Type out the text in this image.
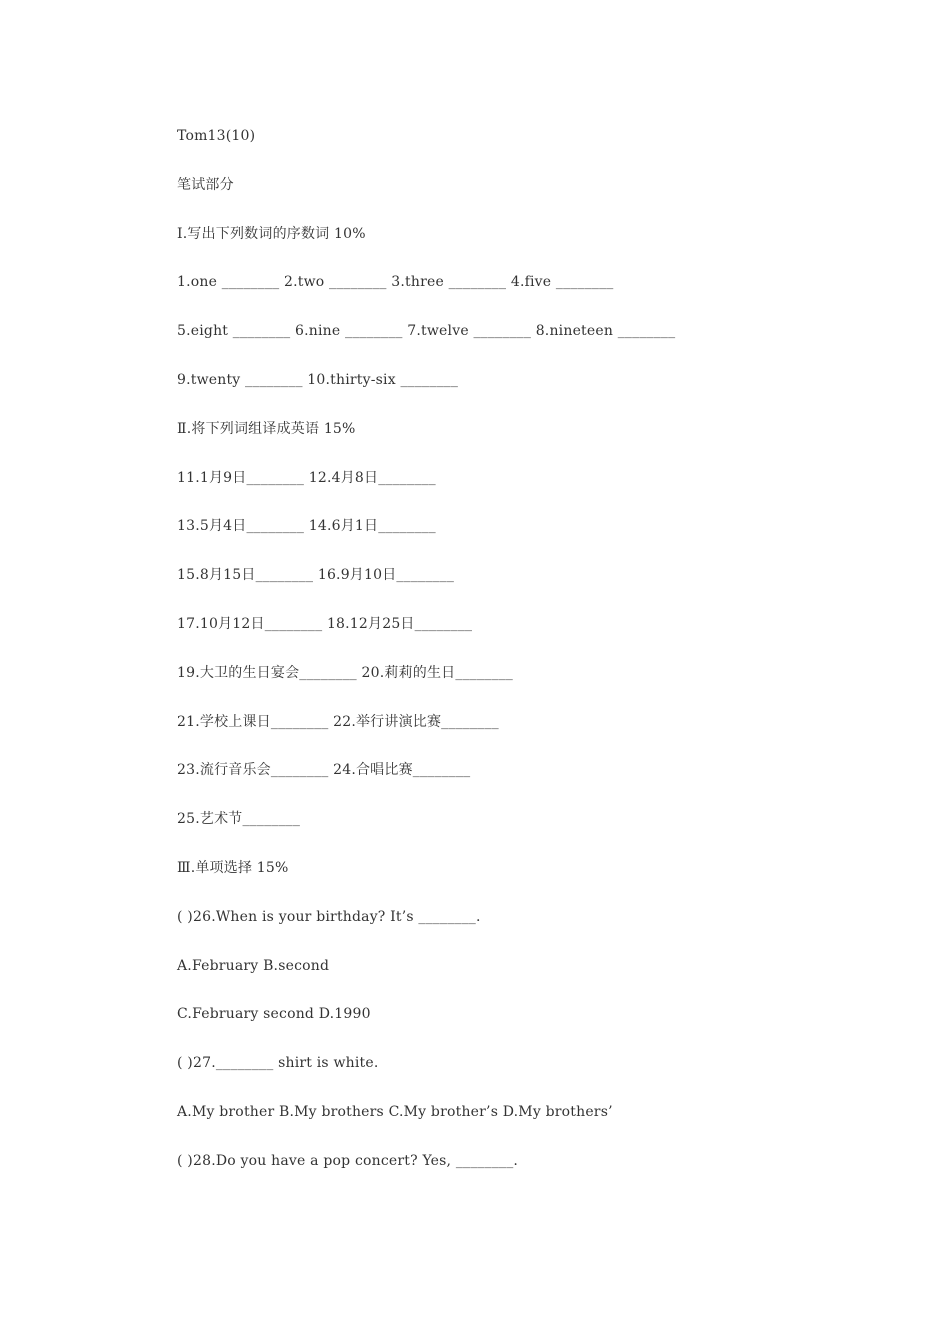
Tom13(10)
笔试部分
Ⅰ.写出下列数词的序数词 10%
1.one ________ 2.two ________ 3.three ________ 4.five ________
5.eight ________ 6.nine ________ 7.twelve ________ 8.nineteen ________
9.twenty ________ 10.thirty-six ________
Ⅱ.将下列词组译成英语 15%
11.1月9日________ 12.4月8日________
13.5月4日________ 14.6月1日________
15.8月15日________ 16.9月10日________
17.10月12日________ 18.12月25日________
19.大卫的生日宴会________ 20.莉莉的生日________
21.学校上课日________ 22.举行讲演比赛________
23.流行音乐会________ 24.合唱比赛________
25.艺术节________
Ⅲ.单项选择 15%
( )26.When is your birthday? It’s ________.
A.February B.second
C.February second D.1990
( )27.________ shirt is white.
A.My brother B.My brothers C.My brother’s D.My brothers’
( )28.Do you have a pop concert? Yes, ________.
